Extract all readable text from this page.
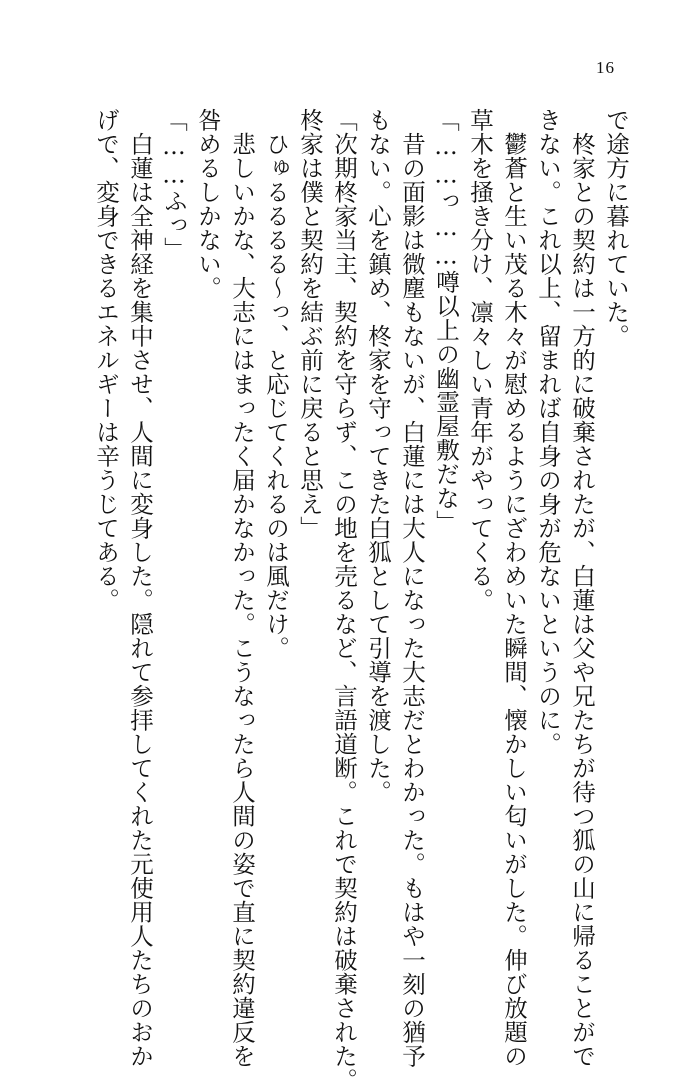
16
で途方に暮れていた。
柊家との契約は一方的に破棄されたが、白蓮は父や兄たちが待つ狐の山に帰ることがで
きない。これ以上、留まれば自身の身が危ないというのに。
鬱蒼と生い茂る木々が慰めるようにざわめいた瞬間、懐かしい匂いがした。伸び放題の
草木を掻き分け、凛々しい青年がやってくる。
「……っ……噂以上の幽霊屋敷だな」
昔の面影は微塵もないが、白蓮には大人になった大志だとわかった。もはや一刻の猶予
もない。心を鎮め、柊家を守ってきた白狐として引導を渡した。
「次期柊家当主、契約を守らず、この地を売るなど、言語道断。これで契約は破棄された。
柊家は僕と契約を結ぶ前に戻ると思え」
ひゅるるるる～っ、と応じてくれるのは風だけ。
悲しいかな、大志にはまったく届かなかった。こうなったら人間の姿で直に契約違反を
咎めるしかない。
「……ふっ」
白蓮は全神経を集中させ、人間に変身した。隠れて参拝してくれた元使用人たちのおか
げで、変身できるエネルギーは辛うじてある。
